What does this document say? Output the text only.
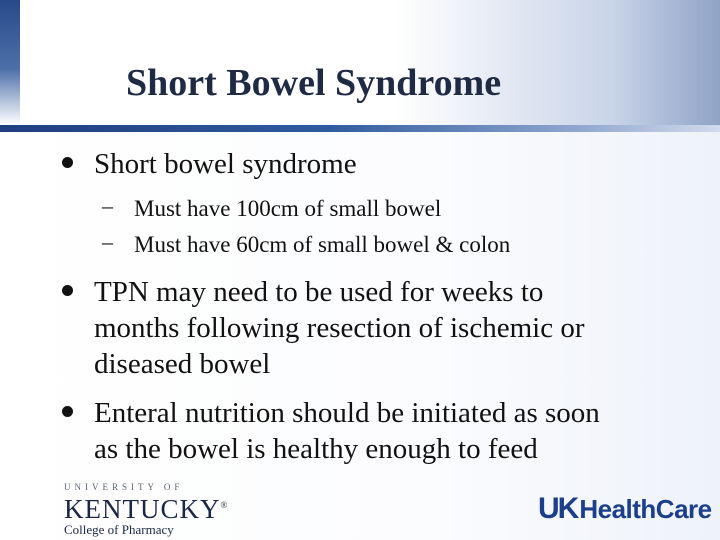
Short Bowel Syndrome
Short bowel syndrome
– Must have 100cm of small bowel
– Must have 60cm of small bowel & colon
TPN may need to be used for weeks to
months following resection of ischemic or
diseased bowel
Enteral nutrition should be initiated as soon
as the bowel is healthy enough to feed
UNIVERSITY OF
KENTUCKY®
College of Pharmacy
UK HealthCare
